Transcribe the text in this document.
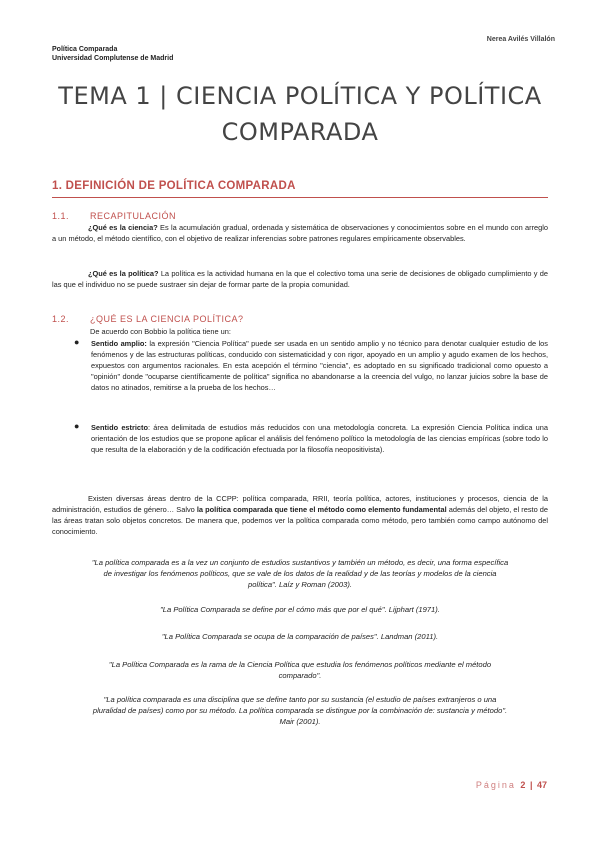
Política Comparada
Universidad Complutense de Madrid
Nerea Avilés Villalón
TEMA 1 | CIENCIA POLÍTICA Y POLÍTICA
COMPARADA
1. DEFINICIÓN DE POLÍTICA COMPARADA
1.1. RECAPITULACIÓN
¿Qué es la ciencia? Es la acumulación gradual, ordenada y sistemática de observaciones y conocimientos sobre en el mundo con arreglo a un método, el método científico, con el objetivo de realizar inferencias sobre patrones regulares empíricamente observables.
¿Qué es la política? La política es la actividad humana en la que el colectivo toma una serie de decisiones de obligado cumplimiento y de las que el individuo no se puede sustraer sin dejar de formar parte de la propia comunidad.
1.2. ¿QUÉ ES LA CIENCIA POLÍTICA?
De acuerdo con Bobbio la política tiene un:
● Sentido amplio: la expresión "Ciencia Política" puede ser usada en un sentido amplio y no técnico para denotar cualquier estudio de los fenómenos y de las estructuras políticas, conducido con sistematicidad y con rigor, apoyado en un amplio y agudo examen de los hechos, expuestos con argumentos racionales. En esta acepción el término "ciencia", es adoptado en su significado tradicional como opuesto a "opinión" donde "ocuparse científicamente de política" significa no abandonarse a la creencia del vulgo, no lanzar juicios sobre la base de datos no atinados, remitirse a la prueba de los hechos…
● Sentido estricto: área delimitada de estudios más reducidos con una metodología concreta. La expresión Ciencia Política indica una orientación de los estudios que se propone aplicar el análisis del fenómeno político la metodología de las ciencias empíricas (sobre todo lo que resulta de la elaboración y de la codificación efectuada por la filosofía neopositivista).
Existen diversas áreas dentro de la CCPP: política comparada, RRII, teoría política, actores, instituciones y procesos, ciencia de la administración, estudios de género… Salvo la política comparada que tiene el método como elemento fundamental además del objeto, el resto de las áreas tratan solo objetos concretos. De manera que, podemos ver la política comparada como método, pero también como campo autónomo del conocimiento.
"La política comparada es a la vez un conjunto de estudios sustantivos y también un método, es decir, una forma específica de investigar los fenómenos políticos, que se vale de los datos de la realidad y de las teorías y modelos de la ciencia política". Laíz y Roman (2003).
"La Política Comparada se define por el cómo más que por el qué". Lijphart (1971).
"La Política Comparada se ocupa de la comparación de países". Landman (2011).
"La Política Comparada es la rama de la Ciencia Política que estudia los fenómenos políticos mediante el método comparado".
"La política comparada es una disciplina que se define tanto por su sustancia (el estudio de países extranjeros o una pluralidad de países) como por su método. La política comparada se distingue por la combinación de: sustancia y método". Mair (2001).
Página 2 | 47
